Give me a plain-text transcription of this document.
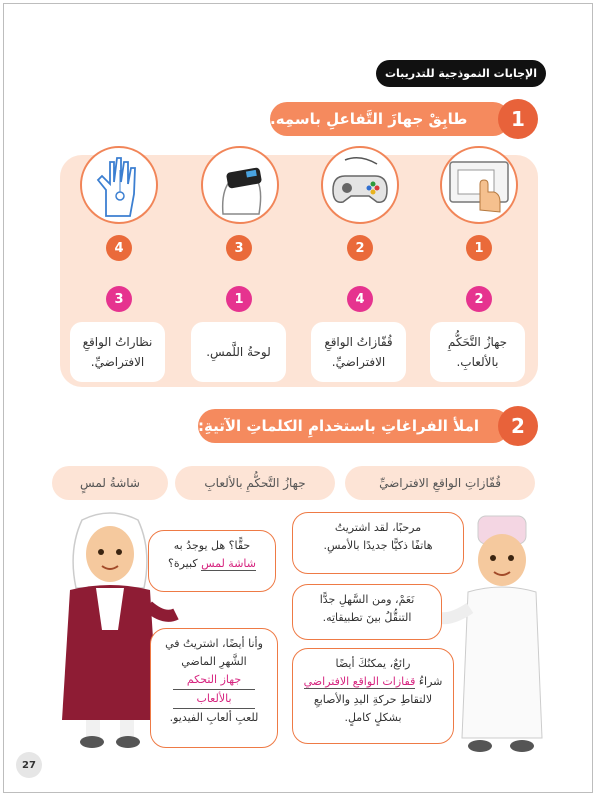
الإجابات النموذجية للتدريبات
طابِقْ جهازَ التَّفاعلِ باسمِه.	1
1
2
3
4
2
4
1
3
جهازُ التَّحَكُّمِ بالألعابِ.
قُفّازاتُ الواقعِ الافتراضيِّ.
لوحةُ اللَّمسِ.
نظاراتُ الواقعِ الافتراضيِّ.
املأ الفراغاتِ باستخدامِ الكلماتِ الآتيةِ:	2
قُفّازاتِ الواقعِ الافتراضيِّ
جهازُ التَّحكُّمِ بالألعابِ
شاشةُ لمسٍ
مرحبًا، لقد اشتريتُ
هاتفًا ذكيًّا جديدًا بالأمسِ.
حقًّا؟ هل يوجدُ به
شاشة لمس كبيرة؟
نَعَمْ، ومن السَّهلِ جدًّا
التنقُّلُ بينَ تطبيقاتِه.
وأنا أيضًا، اشتريتُ في
الشَّهرِ الماضي
جهاز التحكم
بالألعاب
للعبِ ألعابِ الفيديو.
رائعٌ، يمكنُكَ أيضًا
شراءُ قفازات الواقع الافتراضي
لالتقاطِ حركةِ اليدِ والأصابعِ
بشكلٍ كاملٍ.
27
